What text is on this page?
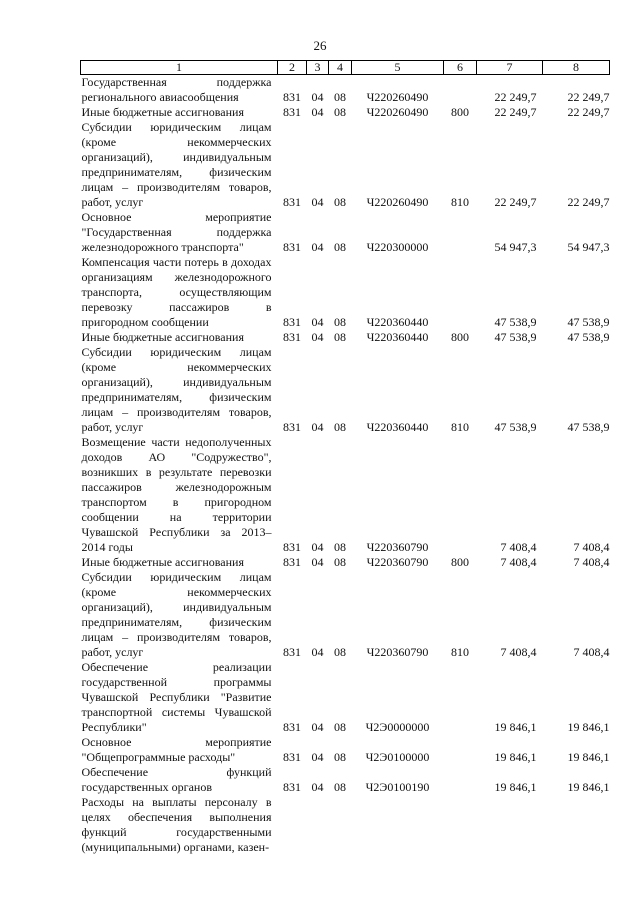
26
1	2	3	4	5	6	7	8
Государственная поддержка регионального авиасообщения	831	04	08	Ч220260490		22 249,7	22 249,7
Иные бюджетные ассигнования	831	04	08	Ч220260490	800	22 249,7	22 249,7
Субсидии юридическим лицам (кроме некоммерческих организаций), индивидуальным предпринимателям, физическим лицам – производителям товаров, работ, услуг	831	04	08	Ч220260490	810	22 249,7	22 249,7
Основное мероприятие "Государственная поддержка железнодорожного транспорта"	831	04	08	Ч220300000		54 947,3	54 947,3
Компенсация части потерь в доходах организациям железнодорожного транспорта, осуществляющим перевозку пассажиров в пригородном сообщении	831	04	08	Ч220360440		47 538,9	47 538,9
Иные бюджетные ассигнования	831	04	08	Ч220360440	800	47 538,9	47 538,9
Субсидии юридическим лицам (кроме некоммерческих организаций), индивидуальным предпринимателям, физическим лицам – производителям товаров, работ, услуг	831	04	08	Ч220360440	810	47 538,9	47 538,9
Возмещение части недополученных доходов АО "Содружество", возникших в результате перевозки пассажиров железнодорожным транспортом в пригородном сообщении на территории Чувашской Республики за 2013–2014 годы	831	04	08	Ч220360790		7 408,4	7 408,4
Иные бюджетные ассигнования	831	04	08	Ч220360790	800	7 408,4	7 408,4
Субсидии юридическим лицам (кроме некоммерческих организаций), индивидуальным предпринимателям, физическим лицам – производителям товаров, работ, услуг	831	04	08	Ч220360790	810	7 408,4	7 408,4
Обеспечение реализации государственной программы Чувашской Республики "Развитие транспортной системы Чувашской Республики"	831	04	08	Ч2Э0000000		19 846,1	19 846,1
Основное мероприятие "Общепрограммные расходы"	831	04	08	Ч2Э0100000		19 846,1	19 846,1
Обеспечение функций государственных органов	831	04	08	Ч2Э0100190		19 846,1	19 846,1
Расходы на выплаты персоналу в целях обеспечения выполнения функций государственными (муниципальными) органами, казен-							
